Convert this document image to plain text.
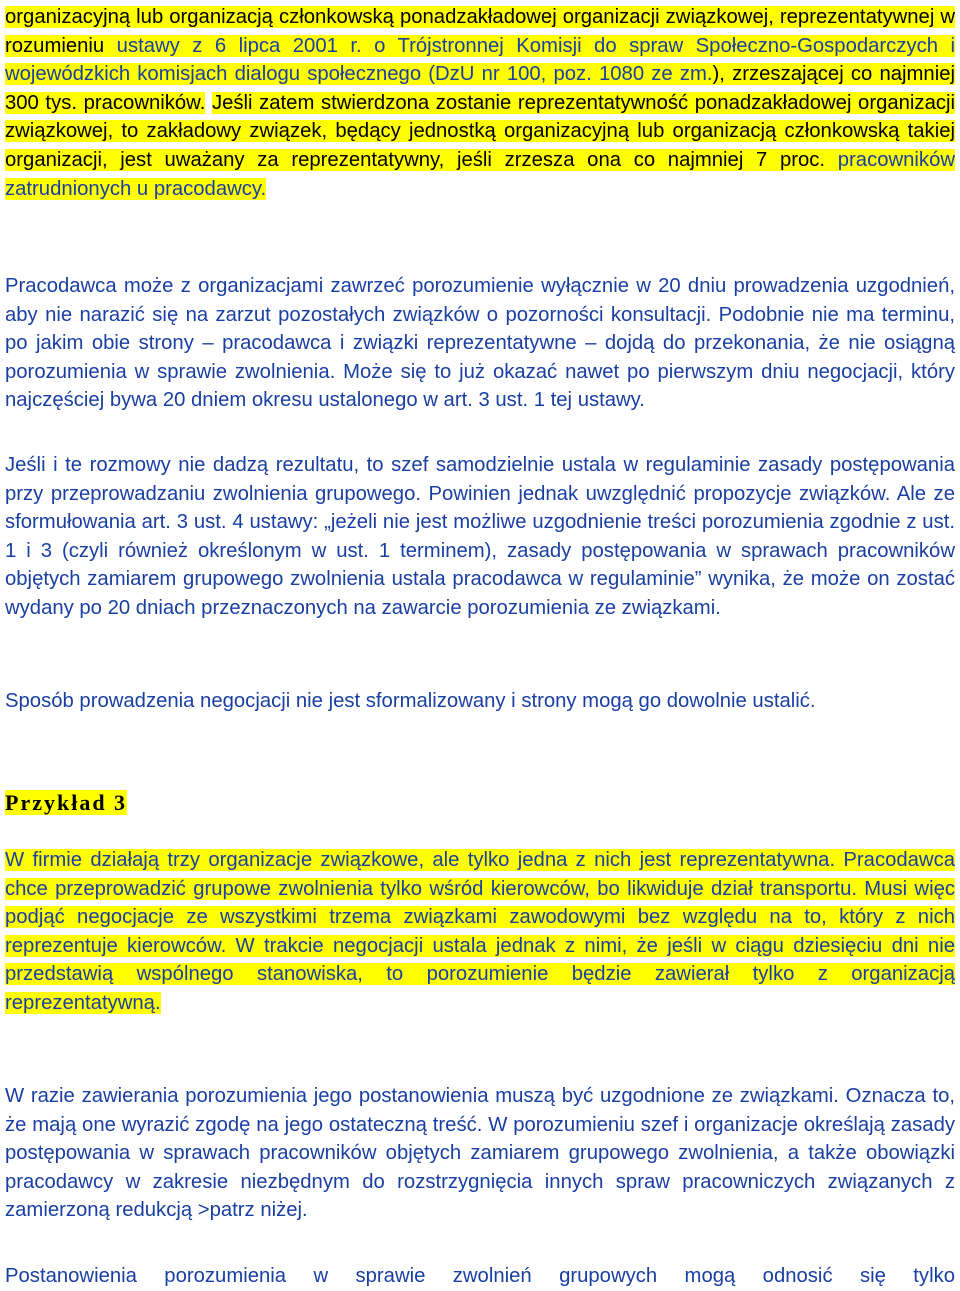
organizacyjną lub organizacją członkowską ponadzakładowej organizacji związkowej, reprezentatywnej w rozumieniu ustawy z 6 lipca 2001 r. o Trójstronnej Komisji do spraw Społeczno-Gospodarczych i wojewódzkich komisjach dialogu społecznego (DzU nr 100, poz. 1080 ze zm.), zrzeszającej co najmniej 300 tys. pracowników. Jeśli zatem stwierdzona zostanie reprezentatywność ponadzakładowej organizacji związkowej, to zakładowy związek, będący jednostką organizacyjną lub organizacją członkowską takiej organizacji, jest uważany za reprezentatywny, jeśli zrzesza ona co najmniej 7 proc. pracowników zatrudnionych u pracodawcy.

Pracodawca może z organizacjami zawrzeć porozumienie wyłącznie w 20 dniu prowadzenia uzgodnień, aby nie narazić się na zarzut pozostałych związków o pozorności konsultacji. Podobnie nie ma terminu, po jakim obie strony – pracodawca i związki reprezentatywne – dojdą do przekonania, że nie osiągną porozumienia w sprawie zwolnienia. Może się to już okazać nawet po pierwszym dniu negocjacji, który najczęściej bywa 20 dniem okresu ustalonego w art. 3 ust. 1 tej ustawy.

Jeśli i te rozmowy nie dadzą rezultatu, to szef samodzielnie ustala w regulaminie zasady postępowania przy przeprowadzaniu zwolnienia grupowego. Powinien jednak uwzględnić propozycje związków. Ale ze sformułowania art. 3 ust. 4 ustawy: „jeżeli nie jest możliwe uzgodnienie treści porozumienia zgodnie z ust. 1 i 3 (czyli również określonym w ust. 1 terminem), zasady postępowania w sprawach pracowników objętych zamiarem grupowego zwolnienia ustala pracodawca w regulaminie” wynika, że może on zostać wydany po 20 dniach przeznaczonych na zawarcie porozumienia ze związkami.

Sposób prowadzenia negocjacji nie jest sformalizowany i strony mogą go dowolnie ustalić.

Przykład 3

W firmie działają trzy organizacje związkowe, ale tylko jedna z nich jest reprezentatywna. Pracodawca chce przeprowadzić grupowe zwolnienia tylko wśród kierowców, bo likwiduje dział transportu. Musi więc podjąć negocjacje ze wszystkimi trzema związkami zawodowymi bez względu na to, który z nich reprezentuje kierowców. W trakcie negocjacji ustala jednak z nimi, że jeśli w ciągu dziesięciu dni nie przedstawią wspólnego stanowiska, to porozumienie będzie zawierał tylko z organizacją reprezentatywną.

W razie zawierania porozumienia jego postanowienia muszą być uzgodnione ze związkami. Oznacza to, że mają one wyrazić zgodę na jego ostateczną treść. W porozumieniu szef i organizacje określają zasady postępowania w sprawach pracowników objętych zamiarem grupowego zwolnienia, a także obowiązki pracodawcy w zakresie niezbędnym do rozstrzygnięcia innych spraw pracowniczych związanych z zamierzoną redukcją >patrz niżej.

Postanowienia porozumienia w sprawie zwolnień grupowych mogą odnosić się tylko
